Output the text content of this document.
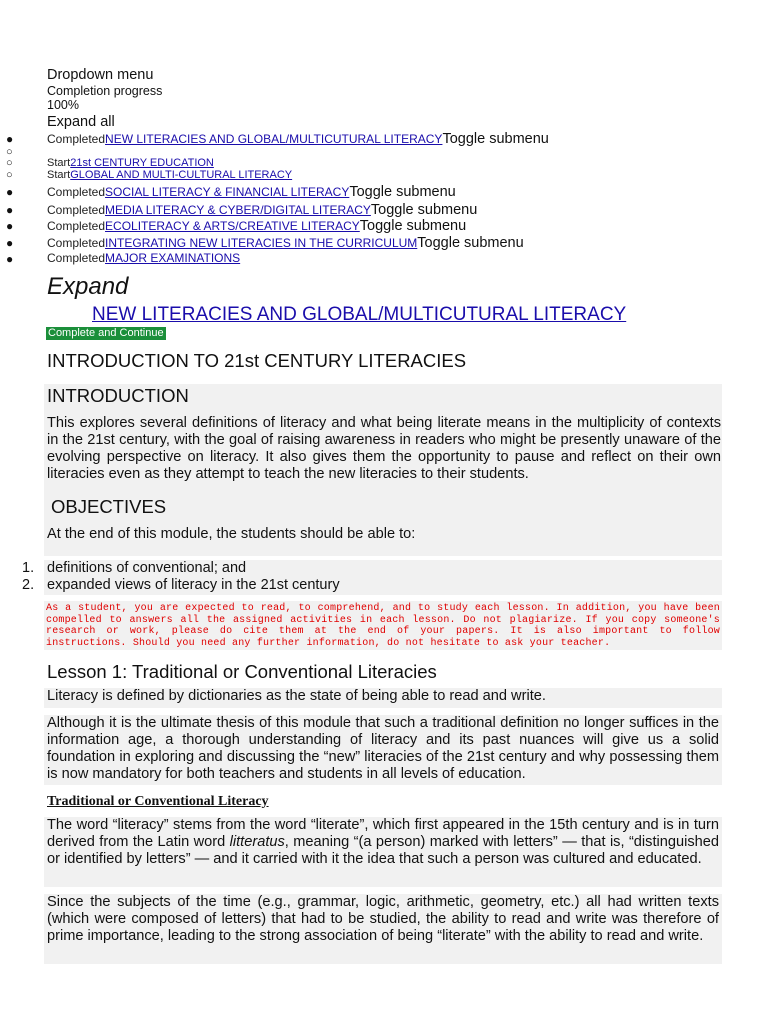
Dropdown menu
Completion progress
100%
Expand all
●	Completed NEW LITERACIES AND GLOBAL/MULTICUTURAL LITERACY Toggle submenu
○
○	Start 21st CENTURY EDUCATION
○	Start GLOBAL AND MULTI-CULTURAL LITERACY
●	Completed SOCIAL LITERACY & FINANCIAL LITERACY Toggle submenu
●	Completed MEDIA LITERACY & CYBER/DIGITAL LITERACY Toggle submenu
●	Completed ECOLITERACY & ARTS/CREATIVE LITERACY Toggle submenu
●	Completed INTEGRATING NEW LITERACIES IN THE CURRICULUM Toggle submenu
●	Completed MAJOR EXAMINATIONS
Expand
NEW LITERACIES AND GLOBAL/MULTICUTURAL LITERACY
Complete and Continue
INTRODUCTION TO 21st CENTURY LITERACIES
INTRODUCTION
This explores several definitions of literacy and what being literate means in the multiplicity of contexts in the 21st century, with the goal of raising awareness in readers who might be presently unaware of the evolving perspective on literacy. It also gives them the opportunity to pause and reflect on their own literacies even as they attempt to teach the new literacies to their students.
OBJECTIVES
At the end of this module, the students should be able to:
1. definitions of conventional; and
2. expanded views of literacy in the 21st century
As a student, you are expected to read, to comprehend, and to study each lesson. In addition, you have been compelled to answers all the assigned activities in each lesson. Do not plagiarize. If you copy someone's research or work, please do cite them at the end of your papers. It is also important to follow instructions. Should you need any further information, do not hesitate to ask your teacher.
Lesson 1: Traditional or Conventional Literacies
Literacy is defined by dictionaries as the state of being able to read and write.
Although it is the ultimate thesis of this module that such a traditional definition no longer suffices in the information age, a thorough understanding of literacy and its past nuances will give us a solid foundation in exploring and discussing the “new” literacies of the 21st century and why possessing them is now mandatory for both teachers and students in all levels of education.
Traditional or Conventional Literacy
The word “literacy” stems from the word “literate”, which first appeared in the 15th century and is in turn derived from the Latin word litteratus, meaning “(a person) marked with letters” — that is, “distinguished or identified by letters” — and it carried with it the idea that such a person was cultured and educated.
Since the subjects of the time (e.g., grammar, logic, arithmetic, geometry, etc.) all had written texts (which were composed of letters) that had to be studied, the ability to read and write was therefore of prime importance, leading to the strong association of being “literate” with the ability to read and write.
